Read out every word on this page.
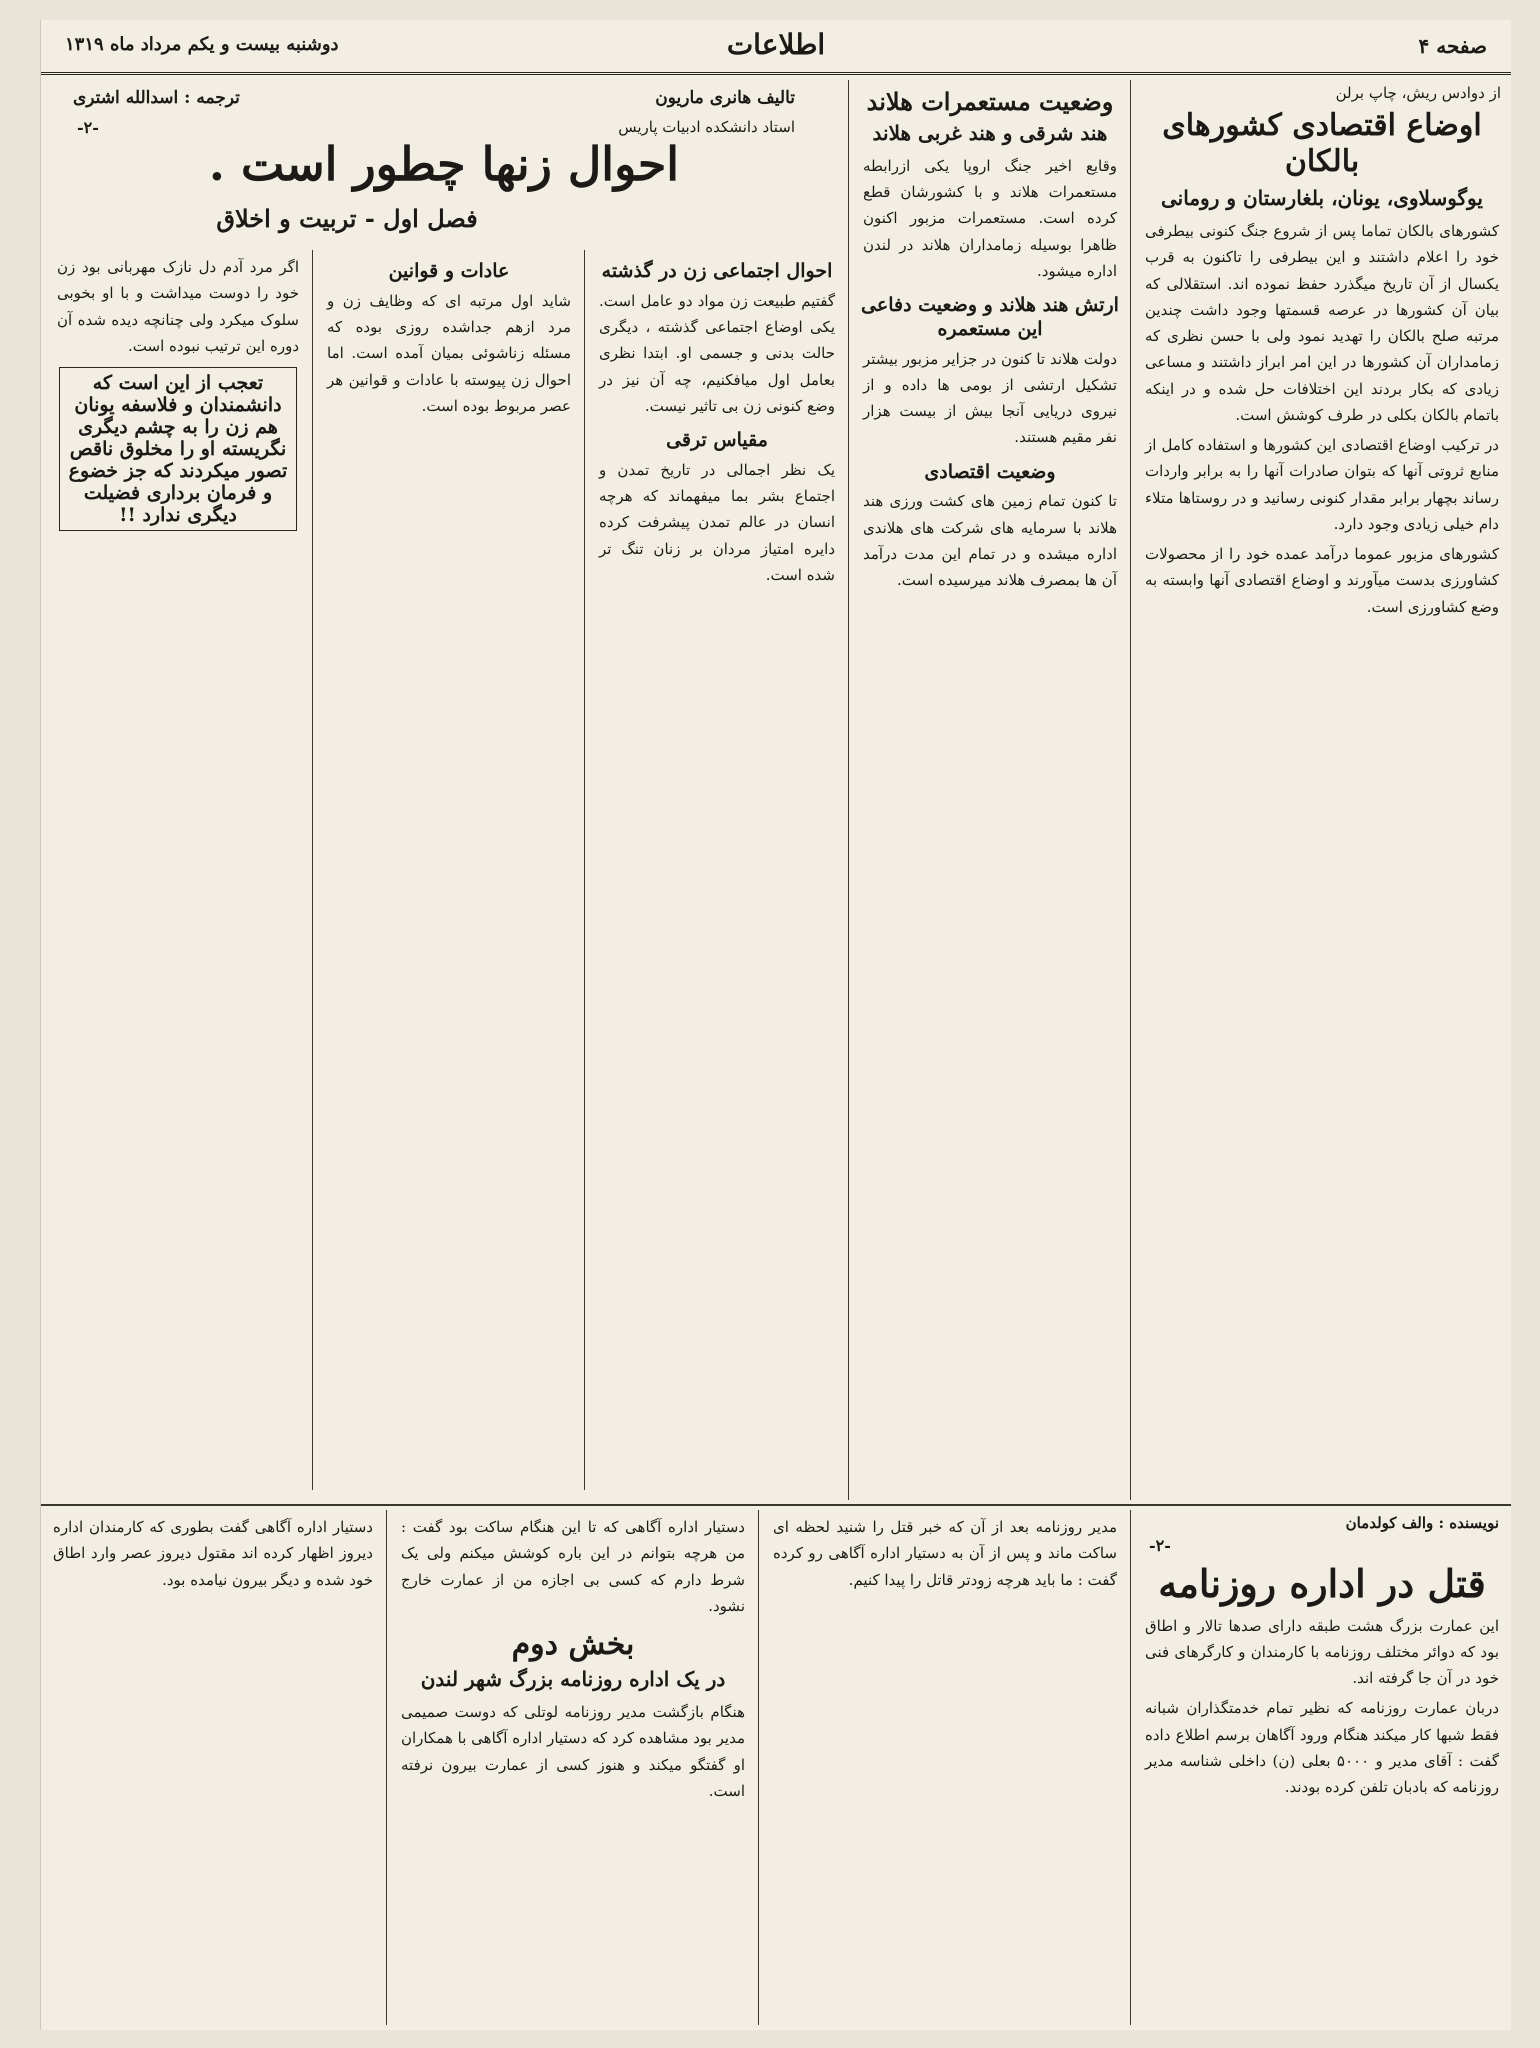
صفحه ۴
اطلاعات
دوشنبه بیست و یکم مرداد ماه ۱۳۱۹
از دوادس ریش، چاپ برلن
اوضاع اقتصادی کشورهای بالکان
یوگوسلاوی، یونان، بلغارستان و رومانی

کشورهای بالکان تماما پس از شروع جنگ کنونی بیطرفی خود را اعلام داشتند و این بیطرفی را تاکنون به قرب یکسال از آن تاریخ میگذرد حفظ نموده اند. استقلالی که بیان آن کشورها در عرصه قسمتها وجود داشت چندین مرتبه صلح بالکان را تهدید نمود ولی با حسن نظری که زمامداران آن کشورها در این امر ابراز داشتند و مساعی زیادی که بکار بردند این اختلافات حل شده و در اینکه باتمام بالکان بکلی در طرف کوشش است.

در ترکیب اوضاع اقتصادی این کشورها و استفاده کامل از منابع ثروتی آنها که بتوان صادرات آنها را به برابر واردات رساند بچهار برابر مقدار کنونی رسانید و در روستاها متلاء دام خیلی زیادی وجود دارد.

کشورهای مزبور عموما درآمد عمده خود را از محصولات کشاورزی بدست میآورند و اوضاع اقتصادی آنها وابسته به وضع کشاورزی است.

وضعیت مستعمرات هلاند
هند شرقی و هند غربی هلاند

وقایع اخیر جنگ اروپا یکی ازرابطه مستعمرات هلاند و با کشورشان قطع کرده است. مستعمرات مزبور اکنون ظاهرا بوسیله زمامداران هلاند در لندن اداره میشود.

ارتش هند هلاند و وضعیت دفاعی این مستعمره

دولت هلاند تا کنون در جزایر مزبور بیشتر تشکیل ارتشی از بومی ها داده و از نیروی دریایی آنجا بیش از بیست هزار نفر مقیم هستند.

وضعیت اقتصادی

تا کنون تمام زمین های کشت ورزی هند هلاند با سرمایه های شرکت های هلاندی اداره میشده و در تمام این مدت درآمد آن ها بمصرف هلاند میرسیده است.

تالیف هانری ماریون
استاد دانشکده ادبیات پاریس
ترجمه : اسدالله اشتری
-۲-
احوال زنها چطور است .
فصل اول - تربیت و اخلاق
احوال اجتماعی زن در گذشته

گفتیم طبیعت زن مواد دو عامل است. یکی اوضاع اجتماعی گذشته ، دیگری حالت بدنی و جسمی او. ابتدا نظری بعامل اول میافکنیم، چه آن نیز در وضع کنونی زن بی تاثیر نیست.

مقیاس ترقی

یک نظر اجمالی در تاریخ تمدن و اجتماع بشر بما میفهماند که هرچه انسان در عالم تمدن پیشرفت کرده دایره امتیاز مردان بر زنان تنگ تر شده است.

عادات و قوانین

شاید اول مرتبه ای که وظایف زن و مرد ازهم جداشده روزی بوده که مسئله زناشوئی بمیان آمده است. اما احوال زن پیوسته با عادات و قوانین هر عصر مربوط بوده است.

اگر مرد آدم دل نازک مهربانی بود زن خود را دوست میداشت و با او بخوبی سلوک میکرد ولی چنانچه دیده شده آن دوره این ترتیب نبوده است.

تعجب از این است که دانشمندان و فلاسفه یونان هم زن را به چشم دیگری نگریسته او را مخلوق ناقص تصور میکردند که جز خضوع و فرمان برداری فضیلت دیگری ندارد !!
نویسنده : والف کولدمان
-۲-
قتل در اداره روزنامه

این عمارت بزرگ هشت طبقه دارای صدها تالار و اطاق بود که دوائر مختلف روزنامه با کارمندان و کارگرهای فنی خود در آن جا گرفته اند.

دربان عمارت روزنامه که نظیر تمام خدمتگذاران شبانه فقط شبها کار میکند هنگام ورود آگاهان برسم اطلاع داده گفت : آقای مدیر و ۵۰۰۰ بعلی (ن) داخلی شناسه مدیر روزنامه که بادبان تلفن کرده بودند.

مدیر روزنامه بعد از آن که خبر قتل را شنید لحظه ای ساکت ماند و پس از آن به دستیار اداره آگاهی رو کرده گفت : ما باید هرچه زودتر قاتل را پیدا کنیم.

دستیار اداره آگاهی که تا این هنگام ساکت بود گفت : من هرچه بتوانم در این باره کوشش میکنم ولی یک شرط دارم که کسی بی اجازه من از عمارت خارج نشود.

بخش دوم
در یک اداره روزنامه بزرگ شهر لندن

هنگام بازگشت مدیر روزنامه لوتلی که دوست صمیمی مدیر بود مشاهده کرد که دستیار اداره آگاهی با همکاران او گفتگو میکند و هنوز کسی از عمارت بیرون نرفته است.

دستیار اداره آگاهی گفت بطوری که کارمندان اداره دیروز اظهار کرده اند مقتول دیروز عصر وارد اطاق خود شده و دیگر بیرون نیامده بود.
